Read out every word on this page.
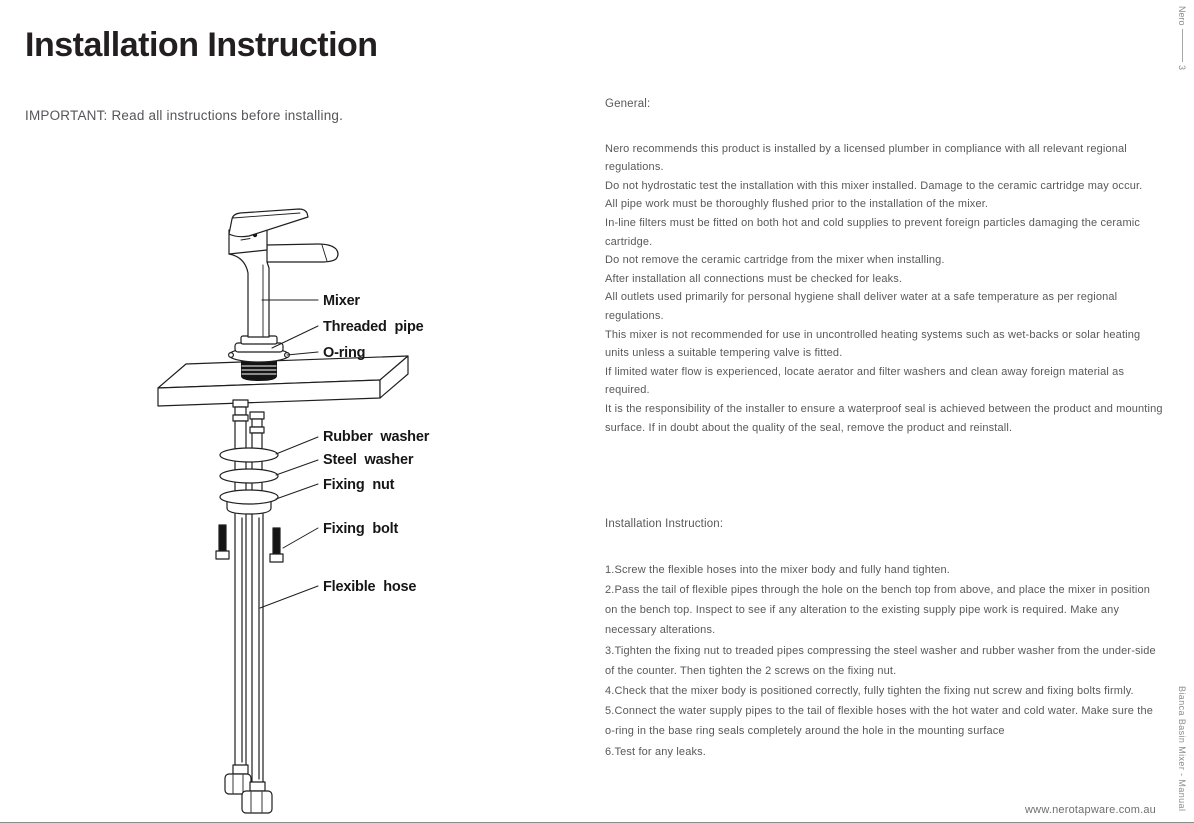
Installation Instruction
IMPORTANT: Read all instructions before installing.
Mixer
Threaded pipe
O-ring
Rubber washer
Steel washer
Fixing nut
Fixing bolt
Flexible hose

General:

Nero recommends this product is installed by a licensed plumber in compliance with all relevant regional regulations.

Do not hydrostatic test the installation with this mixer installed. Damage to the ceramic cartridge may occur.

All pipe work must be thoroughly flushed prior to the installation of the mixer.

In-line filters must be fitted on both hot and cold supplies to prevent foreign particles damaging the ceramic cartridge.

Do not remove the ceramic cartridge from the mixer when installing.

After installation all connections must be checked for leaks.

All outlets used primarily for personal hygiene shall deliver water at a safe temperature as per regional regulations.

This mixer is not recommended for use in uncontrolled heating systems such as wet-backs or solar heating units unless a suitable tempering valve is fitted.

If limited water flow is experienced, locate aerator and filter washers and clean away foreign material as required.

It is the responsibility of the installer to ensure a waterproof seal is achieved between the product and mounting surface. If in doubt about the quality of the seal, remove the product and reinstall.

Installation Instruction:

1.Screw the flexible hoses into the mixer body and fully hand tighten.

2.Pass the tail of flexible pipes through the hole on the bench top from above, and place the mixer in position on the bench top. Inspect to see if any alteration to the existing supply pipe work is required. Make any necessary alterations.

3.Tighten the fixing nut to treaded pipes compressing the steel washer and rubber washer from the under-side of the counter. Then tighten the 2 screws on the fixing nut.

4.Check that the mixer body is positioned correctly, fully tighten the fixing nut screw and fixing bolts firmly.

5.Connect the water supply pipes to the tail of flexible hoses with the hot water and cold water. Make sure the o-ring in the base ring seals completely around the hole in the mounting surface

6.Test for any leaks.

Nero
3
Bianca Basin Mixer - Manual
www.nerotapware.com.au
